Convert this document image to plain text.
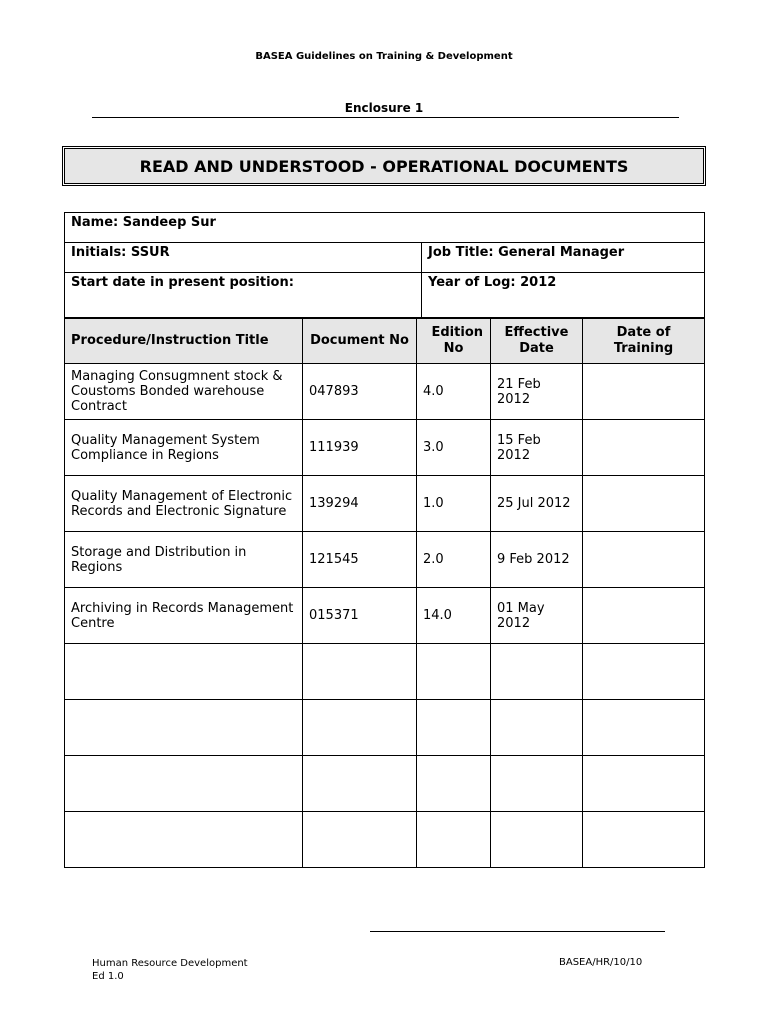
BASEA Guidelines on Training & Development
Enclosure 1
READ AND UNDERSTOOD - OPERATIONAL DOCUMENTS
Name: Sandeep Sur	
Initials: SSUR	Job Title: General Manager
Start date in present position:	Year of Log: 2012
Procedure/Instruction Title	Document No	Edition No	Effective Date	Date of Training

Managing Consugmnent stock & Coustoms Bonded warehouse Contract	047893	4.0	21 Feb 2012	

Quality Management System Compliance in Regions	111939	3.0	15 Feb 2012	

Quality Management of Electronic Records and Electronic Signature	139294	1.0	25 Jul 2012	
Storage and Distribution in Regions	121545	2.0	9 Feb 2012	
Archiving in Records Management Centre	015371	14.0	01 May 2012	

Human Resource Development
Ed 1.0
BASEA/HR/10/10
